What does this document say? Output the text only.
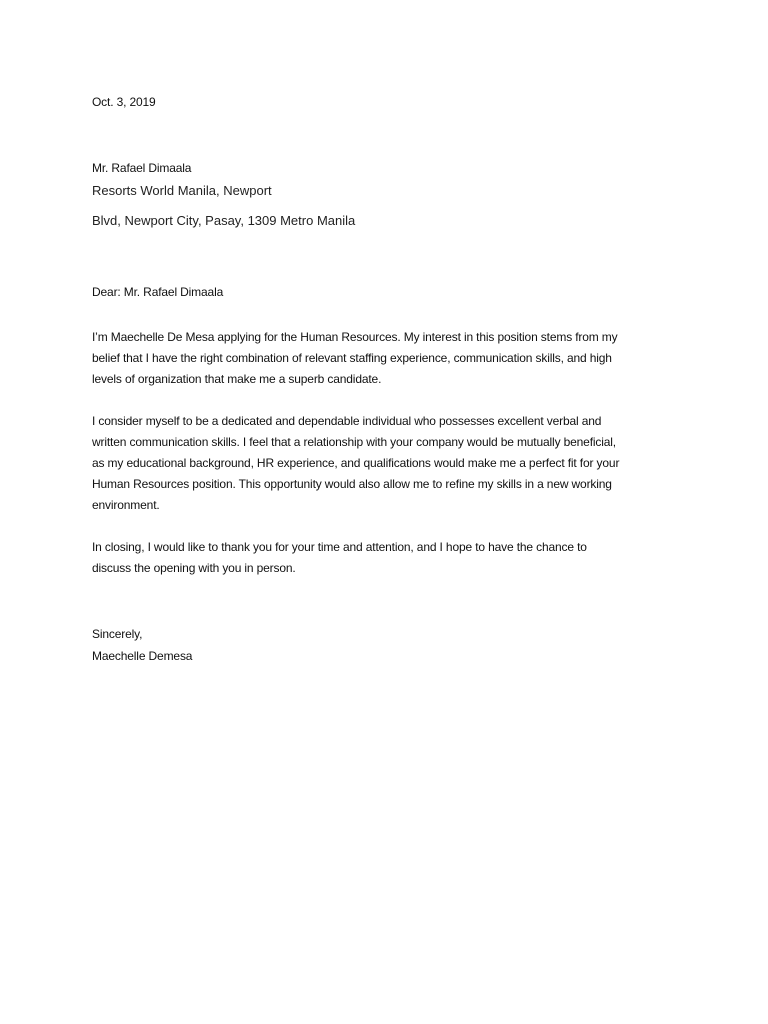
Oct. 3, 2019

Mr. Rafael Dimaala

Resorts World Manila, Newport

Blvd, Newport City, Pasay, 1309 Metro Manila

Dear: Mr. Rafael Dimaala

I’m Maechelle De Mesa applying for the Human Resources. My interest in this position stems from my
belief that I have the right combination of relevant staffing experience, communication skills, and high
levels of organization that make me a superb candidate.
I consider myself to be a dedicated and dependable individual who possesses excellent verbal and
written communication skills. I feel that a relationship with your company would be mutually beneficial,
as my educational background, HR experience, and qualifications would make me a perfect fit for your
Human Resources position. This opportunity would also allow me to refine my skills in a new working
environment.
In closing, I would like to thank you for your time and attention, and I hope to have the chance to
discuss the opening with you in person.

Sincerely,

Maechelle Demesa
